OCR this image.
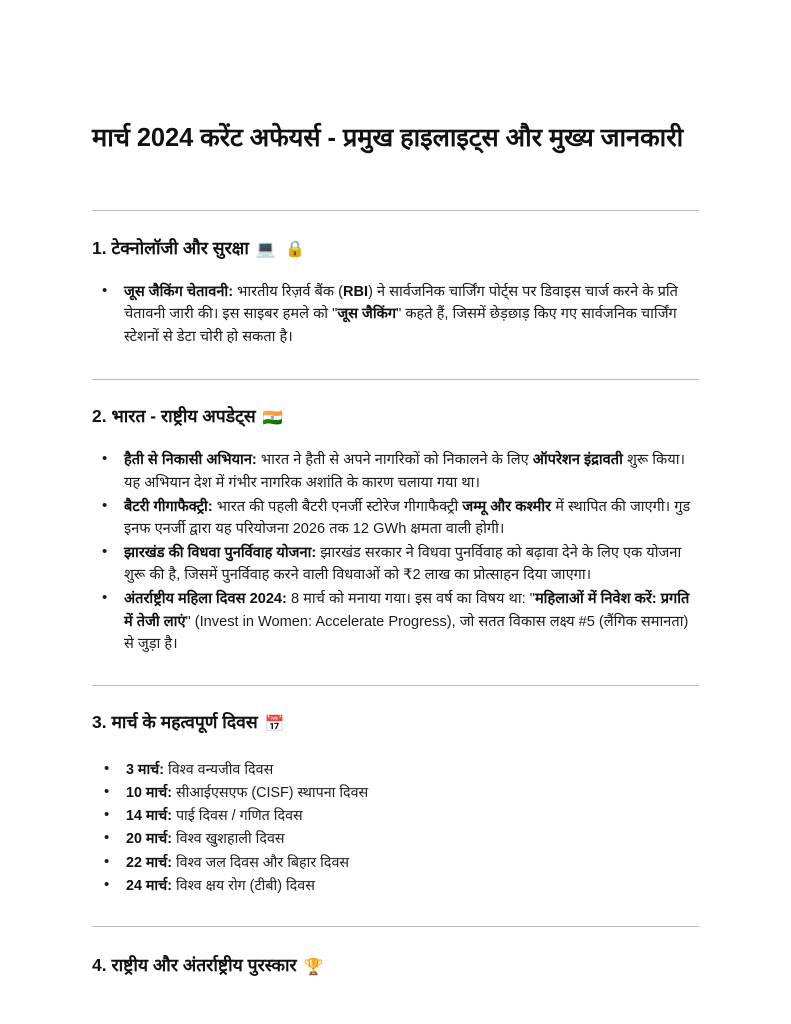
मार्च 2024 करेंट अफेयर्स - प्रमुख हाइलाइट्स और मुख्य जानकारी
1. टेक्नोलॉजी और सुरक्षा 💻 🔒
• जूस जैकिंग चेतावनी: भारतीय रिज़र्व बैंक (RBI) ने सार्वजनिक चार्जिंग पोर्ट्स पर डिवाइस चार्ज करने के प्रति चेतावनी जारी की। इस साइबर हमले को "जूस जैकिंग" कहते हैं, जिसमें छेड़छाड़ किए गए सार्वजनिक चार्जिंग स्टेशनों से डेटा चोरी हो सकता है।
2. भारत - राष्ट्रीय अपडेट्स 🇮🇳
• हैती से निकासी अभियान: भारत ने हैती से अपने नागरिकों को निकालने के लिए ऑपरेशन इंद्रावती शुरू किया। यह अभियान देश में गंभीर नागरिक अशांति के कारण चलाया गया था।
• बैटरी गीगाफैक्ट्री: भारत की पहली बैटरी एनर्जी स्टोरेज गीगाफैक्ट्री जम्मू और कश्मीर में स्थापित की जाएगी। गुड इनफ एनर्जी द्वारा यह परियोजना 2026 तक 12 GWh क्षमता वाली होगी।
• झारखंड की विधवा पुनर्विवाह योजना: झारखंड सरकार ने विधवा पुनर्विवाह को बढ़ावा देने के लिए एक योजना शुरू की है, जिसमें पुनर्विवाह करने वाली विधवाओं को ₹2 लाख का प्रोत्साहन दिया जाएगा।
• अंतर्राष्ट्रीय महिला दिवस 2024: 8 मार्च को मनाया गया। इस वर्ष का विषय था: "महिलाओं में निवेश करें: प्रगति में तेजी लाएं" (Invest in Women: Accelerate Progress), जो सतत विकास लक्ष्य #5 (लैंगिक समानता) से जुड़ा है।
3. मार्च के महत्वपूर्ण दिवस 📅
• 3 मार्च: विश्व वन्यजीव दिवस
• 10 मार्च: सीआईएसएफ (CISF) स्थापना दिवस
• 14 मार्च: पाई दिवस / गणित दिवस
• 20 मार्च: विश्व खुशहाली दिवस
• 22 मार्च: विश्व जल दिवस और बिहार दिवस
• 24 मार्च: विश्व क्षय रोग (टीबी) दिवस
4. राष्ट्रीय और अंतर्राष्ट्रीय पुरस्कार 🏆
